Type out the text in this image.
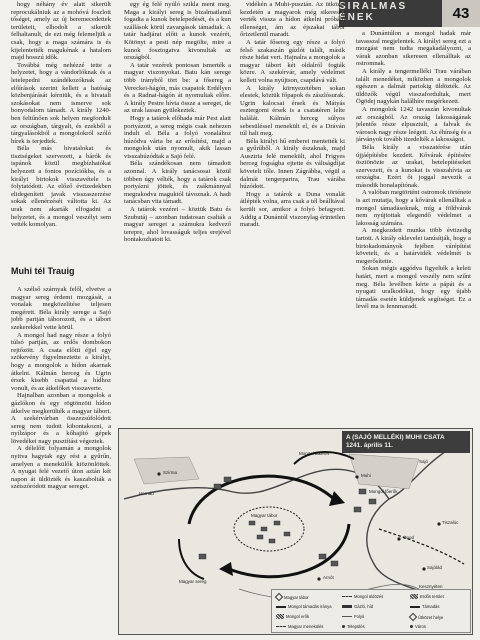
SIRALMAS ÉNEK	43

hogy néhány év alatt sikerült reprocukálniuk az a mohóvá foszlott tőséget, amely az új beremecedettek területeit, elhodolt a sikerült felhaltanult, de ezt még felemeljük a csak, hogy a maga számára is és kijelentették magukénak a hatalom majd hosszú idők.

Továbbá még nehézzé tette a helyzetet, hogy a vándorlóknak és a letelepedni szándékozóknak az előírások szerint kellett a hatóság közbenjárását kérniük, és a hivatali szokásokat nem ismerve sok bonyodalom támadt. A király 1240-ben feltűnően sok helyen megfordult az országban, tárgyalt, és ezekből a tárgyalásokból a mongolokról szóló hírek is terjedtek.

Béla más hivatalokat és tisztségeket szervezett, a bárók és ispánok közül megbízhatókat helyezett a fontos pozíciókba, és a királyi birtokok visszavétele is folytatódott. Az előző évtizedekben elidegenített javak visszaszerzése sokak ellenérzését váltotta ki. Az urak nem akarták elfogadni a helyzetet, és a mongol veszélyt sem vették komolyan.

Muhi tél Trauig

A szélső szárnyak felől, elvetve a magyar sereg érdemi mozgását, a vonalak megközelítése teljesen megérett. Béla király serege a Sajó jobb partján táborozott, és a tábort szekerekkel vette körül.

A mongol had nagy része a folyó túlsó partján, az erdős dombokon rejtőzött. A csata előtti éjjel egy szökevény figyelmeztette a királyt, hogy a mongolok a hídon akarnak átkelni. Kálmán herceg és Ugrin érsek kisebb csapattal a hídhoz vonult, és az átkelőket visszaverte.

Hajnalban azonban a mongolok a gázlókon és egy rögtönzött hídon átkelve megkerülték a magyar tábort. A szekérvárban összezsúfolódott sereg nem tudott kibontakozni, a nyílzápor és a kőhajító gépek lövedékei nagy pusztítást végeztek.

A délelőtt folyamán a mongolok nyitva hagytak egy rést a gyűrűn, amelyen a menekülők kiözönlöttek. A nyugat felé vezető úton aztán két napon át üldözték és kaszabolták a szétszóródott magyar sereget.

egy ég felé nyúló szikla ment meg. Maga a királyi sereg is bizalmatlanul fogadta a kunok betelepedését, és a kun szállások körül zavargások támadtak. A tatár hadjárat előtt a kunok vezérét, Kötönyt a pesti nép megölte, mire a kunok fosztogatva kivonultak az országból.

A tatár vezérek pontosan ismerték a magyar viszonyokat. Batu kán serege több irányból tört be: a fősereg a Vereckei-hágón, más csapatok Erdélyen és a Radnai-hágón át nyomultak előre. A király Pestre hívta össze a sereget, de az urak lassan gyülekeztek.

Hogy a tatárok előhada már Pest alatt portyázott, a sereg mégis csak nehezen indult el. Béla a folyó vonalához húzódva várta be az erősítést, majd a mongolok után nyomult, akik lassan visszahúzódtak a Sajó felé.

Béla szándékosan nem támadott azonnal. A király tanácsosai közül többen úgy vélték, hogy a tatárok csak portyázni jöttek, és zsákmánnyal megrakodva maguktól távoznak. A hadi tanácsban vita támadt.

A tatárok vezérei – köztük Batu és Szubutáj – azonban tudatosan csalták a magyar sereget a számukra kedvező terepre, ahol lovasságuk teljes erejével bontakozhatott ki.

vidékén a Muhi-pusztán. Az ütközet kezdetén a magyarok még sikeresen verték vissza a hídon átkelni próbáló ellenséget, ám az éjszakai tábor őrizetlenül maradt.

A tatár fősereg egy része a folyó felső szakaszán gázlót talált, másik része hidat vert. Hajnalra a mongolok a magyar tábort két oldalról fogták közre. A szekérvár, amely védelmet kellett volna nyújtson, csapdává vált.

A király környezetében sokan elestek, köztük főpapok és zászlósurak. Ugrin kalocsai érsek és Mátyás esztergomi érsek is a csatatéren lelte halálát. Kálmán herceg súlyos sebesüléssel menekült el, és a Dráván túl halt meg.

Béla királyt hű emberei mentették ki a gyűrűből. A király északnak, majd Ausztria felé menekült, ahol Frigyes herceg fogságba ejtette és váltságdíjat követelt tőle. Innen Zágrábba, végül a dalmát tengerpartra, Trau várába húzódott.

Hogy a tatárok a Duna vonalát átlépték volna, arra csak a tél beálltával került sor, amikor a folyó befagyott. Addig a Dunántúl viszonylag érintetlen maradt.

a Dunántúlon a mongol hadak már tavasszal megjelentek. A királyi sereg ezt a mozgást nem tudta megakadályozni, a várak azonban sikeresen ellenálltak az ostromnak.

A király a tengermelléki Trau várában talált menedéket, miközben a mongolok egészen a dalmát partokig üldözték. Az üldözők végül visszafordultak, mert Ögödej nagykán halálhíre megérkezett.

A mongolok 1242 tavaszán kivonultak az országból. Az ország lakosságának jelentős része elpusztult, a falvak és városok nagy része leégett. Az éhínség és a járványok tovább tizedelték a lakosságot.

Béla király a visszatérése után újjáépítésbe kezdett. Kővárak építésére ösztönözte az urakat, betelepítéseket szervezett, és a kunokat is visszahívta az országba. Ezért őt joggal nevezik a második honalapítónak.

A valóban megtörtént ostromok története is azt mutatja, hogy a kővárak ellenálltak a mongol támadásoknak, míg a földvárak nem nyújtottak elegendő védelmet a lakosság számára.

A megkezdett munka több évtizedig tartott. A király oklevelei tanúsítják, hogy a birtokadományok fejében várépítést követelt, és a határvidék védelmét is megerősítette.

Sokan mégis aggódva figyelték a keleti határt, mert a mongol veszély nem szűnt meg. Béla levélben kérte a pápát és a nyugati uralkodókat, hogy egy újabb támadás esetén küldjenek segítséget. Ez a levél ma is fennmaradt.

A (SAJÓ MELLÉKI) MUHI CSATA
1241. április 11.
Sajó
Hernád
Muhi
Ónod
Mongol főerők
Magyar tábor
Sajólád
Szirma
Tiszalúc
Arnót
Mongol átkelés
Magyar sereg
Kesznyéten
Magyar tábor
Mongol támadás iránya
Mongol erők
Magyar menekülés
Mongol üldözés
Gázló, híd
Folyó
Település
Erdős terület
Támadás
Ütközet helye
Város
